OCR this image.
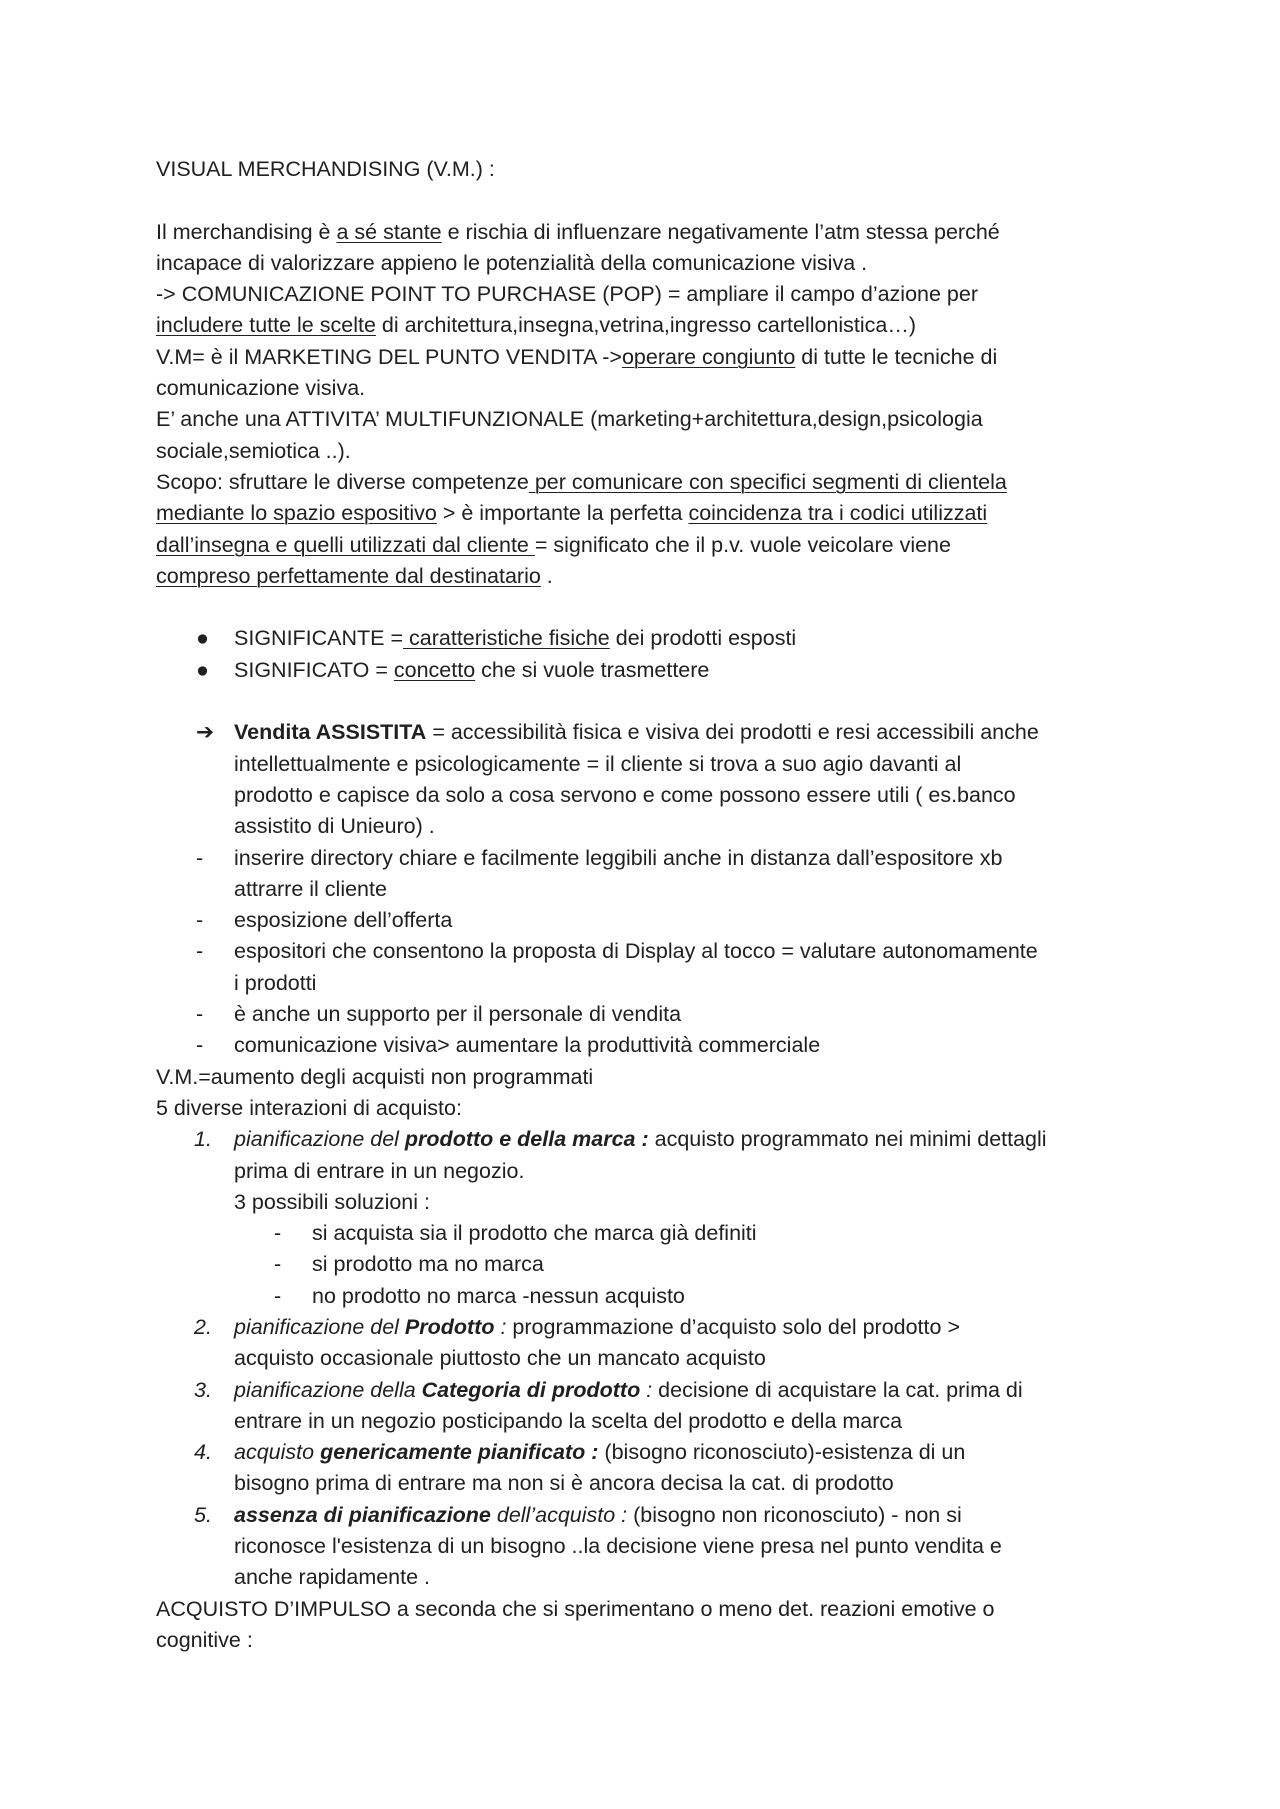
VISUAL MERCHANDISING (V.M.) :
Il merchandising è a sé stante e rischia di influenzare negativamente l’atm stessa perché
incapace di valorizzare appieno le potenzialità della comunicazione visiva .
-> COMUNICAZIONE POINT TO PURCHASE (POP) = ampliare il campo d’azione per
includere tutte le scelte di architettura,insegna,vetrina,ingresso cartellonistica…)
V.M= è il MARKETING DEL PUNTO VENDITA ->operare congiunto di tutte le tecniche di
comunicazione visiva.
E’ anche una ATTIVITA’ MULTIFUNZIONALE (marketing+architettura,design,psicologia
sociale,semiotica ..).
Scopo: sfruttare le diverse competenze per comunicare con specifici segmenti di clientela
mediante lo spazio espositivo > è importante la perfetta coincidenza tra i codici utilizzati
dall’insegna e quelli utilizzati dal cliente = significato che il p.v. vuole veicolare viene
compreso perfettamente dal destinatario .
● SIGNIFICANTE = caratteristiche fisiche dei prodotti esposti
● SIGNIFICATO = concetto che si vuole trasmettere
➔ Vendita ASSISTITA = accessibilità fisica e visiva dei prodotti e resi accessibili anche
intellettualmente e psicologicamente = il cliente si trova a suo agio davanti al
prodotto e capisce da solo a cosa servono e come possono essere utili ( es.banco
assistito di Unieuro) .
- inserire directory chiare e facilmente leggibili anche in distanza dall’espositore xb
attrarre il cliente
- esposizione dell’offerta
- espositori che consentono la proposta di Display al tocco = valutare autonomamente
i prodotti
- è anche un supporto per il personale di vendita
- comunicazione visiva> aumentare la produttività commerciale
V.M.=aumento degli acquisti non programmati
5 diverse interazioni di acquisto:
1. pianificazione del prodotto e della marca : acquisto programmato nei minimi dettagli
prima di entrare in un negozio.
3 possibili soluzioni :
- si acquista sia il prodotto che marca già definiti
- si prodotto ma no marca
- no prodotto no marca -nessun acquisto
2. pianificazione del Prodotto : programmazione d’acquisto solo del prodotto >
acquisto occasionale piuttosto che un mancato acquisto
3. pianificazione della Categoria di prodotto : decisione di acquistare la cat. prima di
entrare in un negozio posticipando la scelta del prodotto e della marca
4. acquisto genericamente pianificato : (bisogno riconosciuto)-esistenza di un
bisogno prima di entrare ma non si è ancora decisa la cat. di prodotto
5. assenza di pianificazione dell’acquisto : (bisogno non riconosciuto) - non si
riconosce l'esistenza di un bisogno ..la decisione viene presa nel punto vendita e
anche rapidamente .
ACQUISTO D’IMPULSO a seconda che si sperimentano o meno det. reazioni emotive o
cognitive :
